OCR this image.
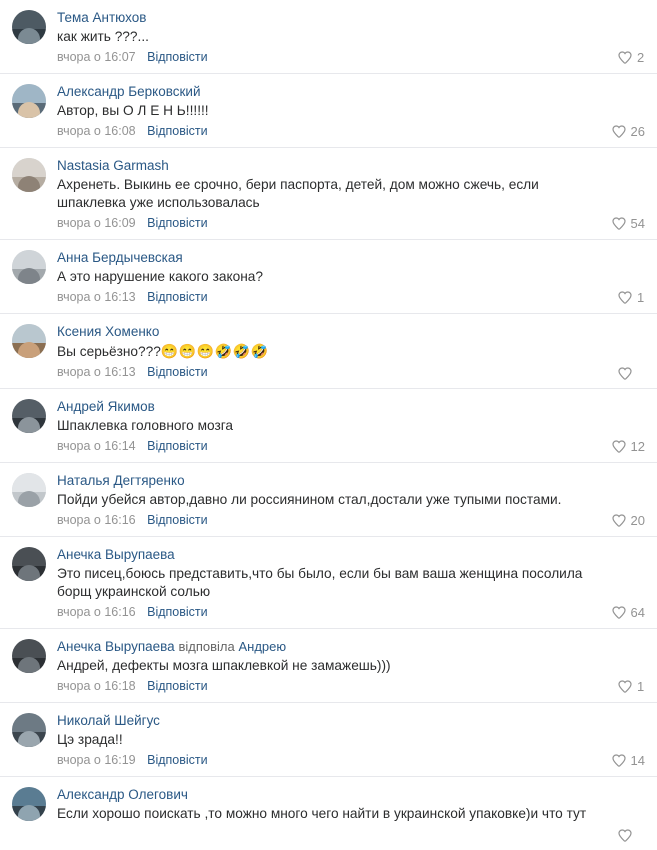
Тема Антюхов
как жить ???...
вчора о 16:07 Відповісти	2
Александр Берковский
Автор, вы О Л Е Н Ь!!!!!!
вчора о 16:08 Відповісти	26
Nastasia Garmash
Ахренеть. Выкинь ее срочно, бери паспорта, детей, дом можно сжечь, если шпаклевка уже использовалась
вчора о 16:09 Відповісти	54
Анна Бердычевская
А это нарушение какого закона?
вчора о 16:13 Відповісти	1
Ксения Хоменко
Вы серьёзно???😁😁😁🤣🤣🤣
вчора о 16:13 Відповісти
Андрей Якимов
Шпаклевка головного мозга
вчора о 16:14 Відповісти	12
Наталья Дегтяренко
Пойди убейся автор,давно ли россиянином стал,достали уже тупыми постами.
вчора о 16:16 Відповісти	20
Анечка Вырупаева
Это писец,боюсь представить,что бы было, если бы вам ваша женщина посолила борщ украинской солью
вчора о 16:16 Відповісти	64
Анечка Вырупаева відповіла Андрею
Андрей, дефекты мозга шпаклевкой не замажешь)))
вчора о 16:18 Відповісти	1
Николай Шейгус
Цэ зрада!!
вчора о 16:19 Відповісти	14
Александр Олегович
Если хорошо поискать ,то можно много чего найти в украинской упаковке)и что тут
